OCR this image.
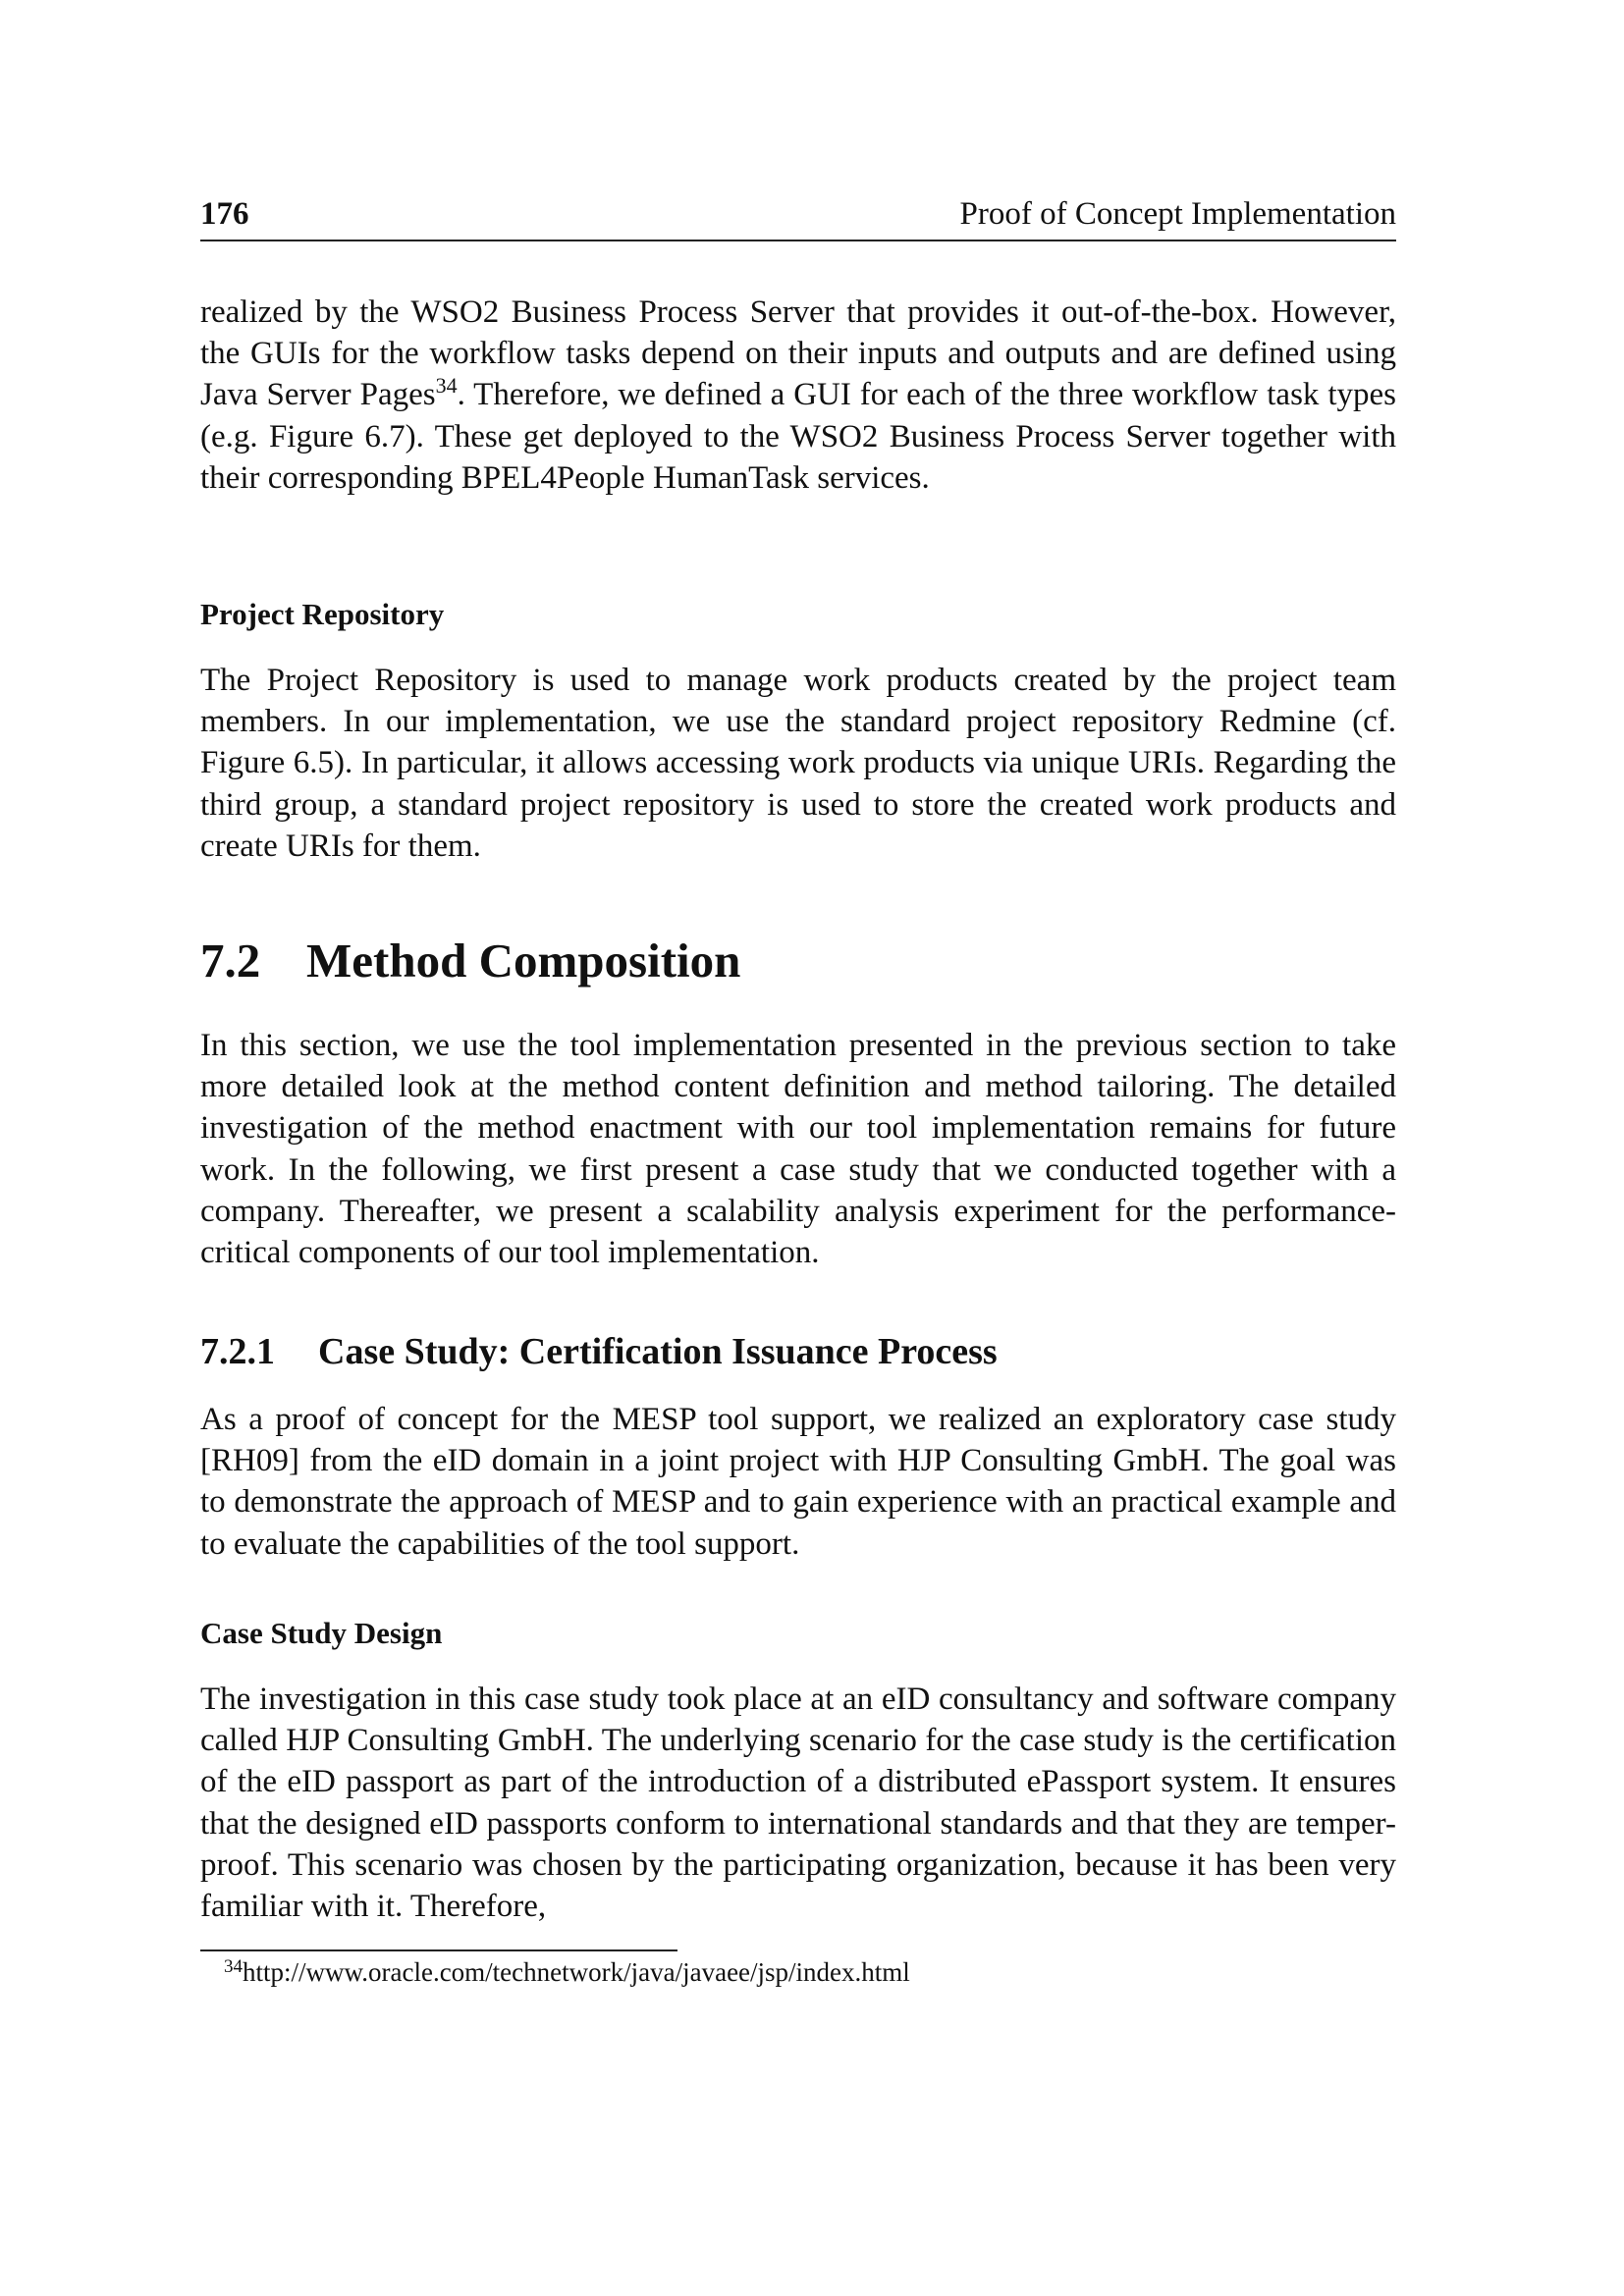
176	Proof of Concept Implementation

realized by the WSO2 Business Process Server that provides it out-of-the-box. However, the GUIs for the workflow tasks depend on their inputs and outputs and are defined using Java Server Pages$^{34}$. Therefore, we defined a GUI for each of the three workflow task types (e.g. Figure 6.7). These get deployed to the WSO2 Business Process Server together with their corresponding BPEL4People HumanTask services.

Project Repository

The Project Repository is used to manage work products created by the project team members. In our implementation, we use the standard project repository Redmine (cf. Figure 6.5). In particular, it allows accessing work products via unique URIs. Regarding the third group, a standard project repository is used to store the created work products and create URIs for them.

7.2 Method Composition

In this section, we use the tool implementation presented in the previous section to take more detailed look at the method content definition and method tailoring. The detailed investigation of the method enactment with our tool implementation remains for future work. In the following, we first present a case study that we conducted together with a company. Thereafter, we present a scalability analysis experiment for the performance-critical components of our tool implementation.

7.2.1 Case Study: Certification Issuance Process

As a proof of concept for the MESP tool support, we realized an exploratory case study [RH09] from the eID domain in a joint project with HJP Consulting GmbH. The goal was to demonstrate the approach of MESP and to gain experience with an practical example and to evaluate the capabilities of the tool support.

Case Study Design

The investigation in this case study took place at an eID consultancy and software company called HJP Consulting GmbH. The underlying scenario for the case study is the certification of the eID passport as part of the introduction of a distributed ePassport system. It ensures that the designed eID passports conform to international standards and that they are temper-proof. This scenario was chosen by the participating organization, because it has been very familiar with it. Therefore,

$^{34}$http://www.oracle.com/technetwork/java/javaee/jsp/index.html
